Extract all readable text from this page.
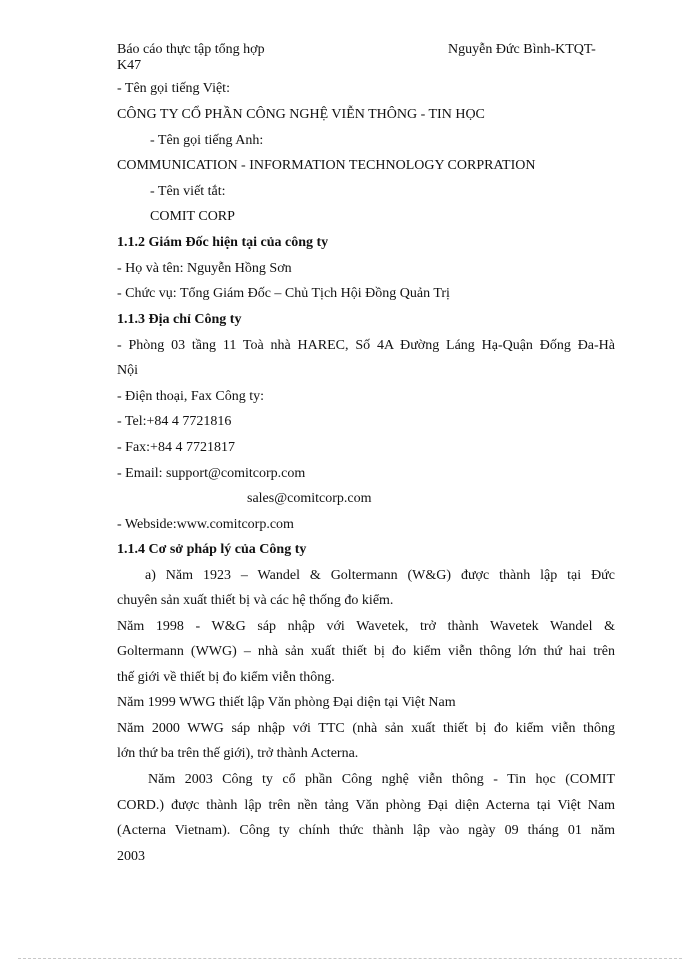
Báo cáo thực tập tổng hợp	Nguyễn Đức Bình-KTQT-
K47
- Tên gọi tiếng Việt:
CÔNG TY CỔ PHẦN CÔNG NGHỆ VIỄN THÔNG - TIN HỌC
- Tên gọi tiếng Anh:
COMMUNICATION - INFORMATION TECHNOLOGY CORPRATION
- Tên viết tắt:
COMIT CORP
1.1.2 Giám Đốc hiện tại của công ty
- Họ và tên: Nguyễn Hồng Sơn
- Chức vụ: Tổng Giám Đốc – Chủ Tịch Hội Đồng Quản Trị
1.1.3 Địa chỉ Công ty
- Phòng 03 tầng 11 Toà nhà HAREC, Số 4A Đường Láng Hạ-Quận Đống Đa-Hà
Nội
- Điện thoại, Fax Công ty:
- Tel:+84 4 7721816
- Fax:+84 4 7721817
- Email: support@comitcorp.com
sales@comitcorp.com
- Webside:www.comitcorp.com
1.1.4 Cơ sở pháp lý của Công ty
a) Năm 1923 – Wandel & Goltermann (W&G) được thành lập tại Đức
chuyên sản xuất thiết bị và các hệ thống đo kiểm.
Năm 1998 - W&G sáp nhập với Wavetek, trở thành Wavetek Wandel &
Goltermann (WWG) – nhà sản xuất thiết bị đo kiểm viễn thông lớn thứ hai trên
thế giới về thiết bị đo kiểm viễn thông.
Năm 1999 WWG thiết lập Văn phòng Đại diện tại Việt Nam
Năm 2000 WWG sáp nhập với TTC (nhà sản xuất thiết bị đo kiểm viễn thông
lớn thứ ba trên thế giới), trở thành Acterna.
Năm 2003 Công ty cổ phần Công nghệ viễn thông - Tin học (COMIT
CORD.) được thành lập trên nền tảng Văn phòng Đại diện Acterna tại Việt Nam
(Acterna Vietnam). Công ty chính thức thành lập vào ngày 09 tháng 01 năm
2003
